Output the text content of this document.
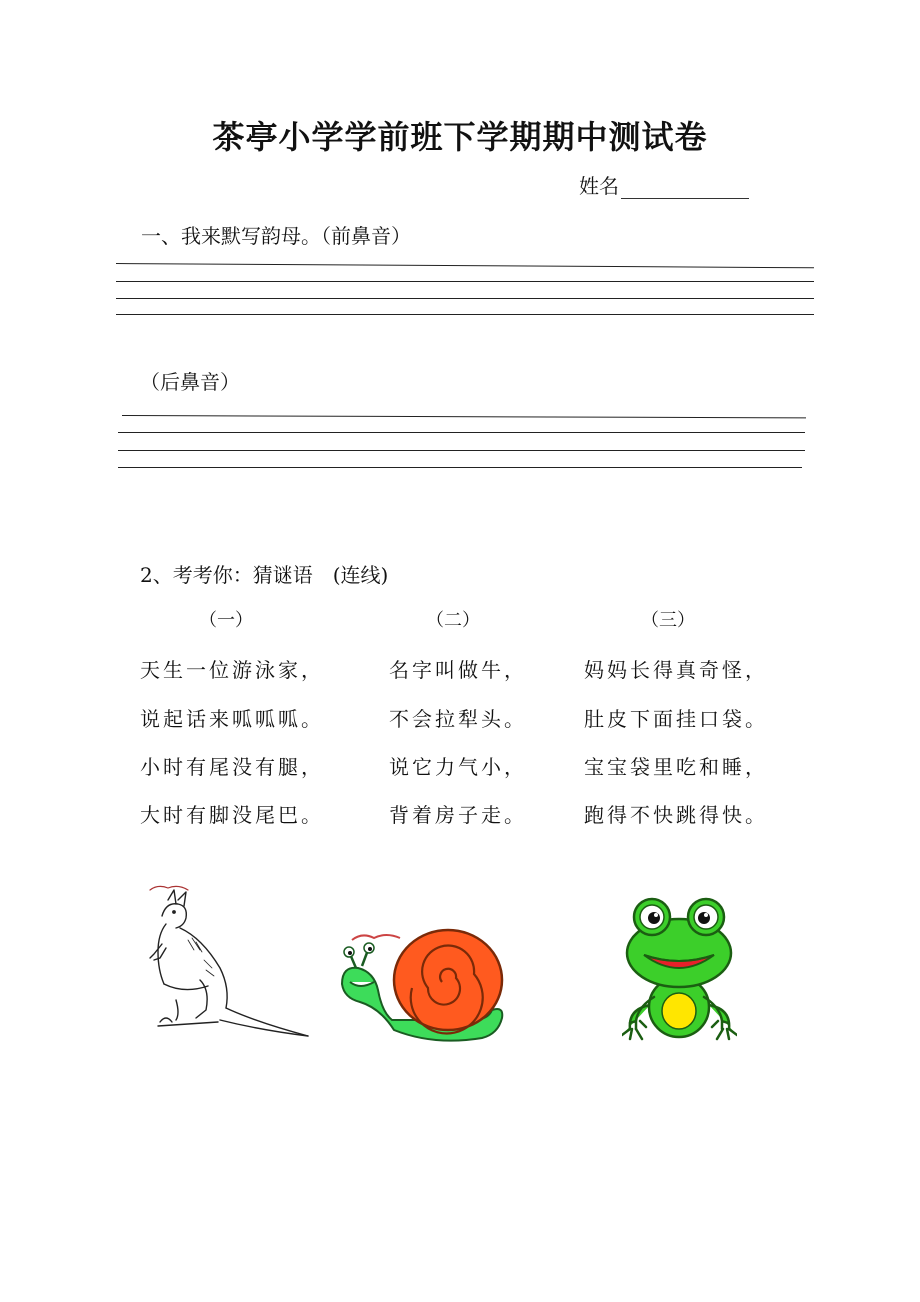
茶亭小学学前班下学期期中测试卷
姓名
一、我来默写韵母。（前鼻音）
（后鼻音）
2、考考你：猜谜语　(连线)
（一）
天生一位游泳家，
说起话来呱呱呱。
小时有尾没有腿，
大时有脚没尾巴。
（二）
名字叫做牛，
不会拉犁头。
说它力气小，
背着房子走。
（三）
妈妈长得真奇怪，
肚皮下面挂口袋。
宝宝袋里吃和睡，
跑得不快跳得快。
